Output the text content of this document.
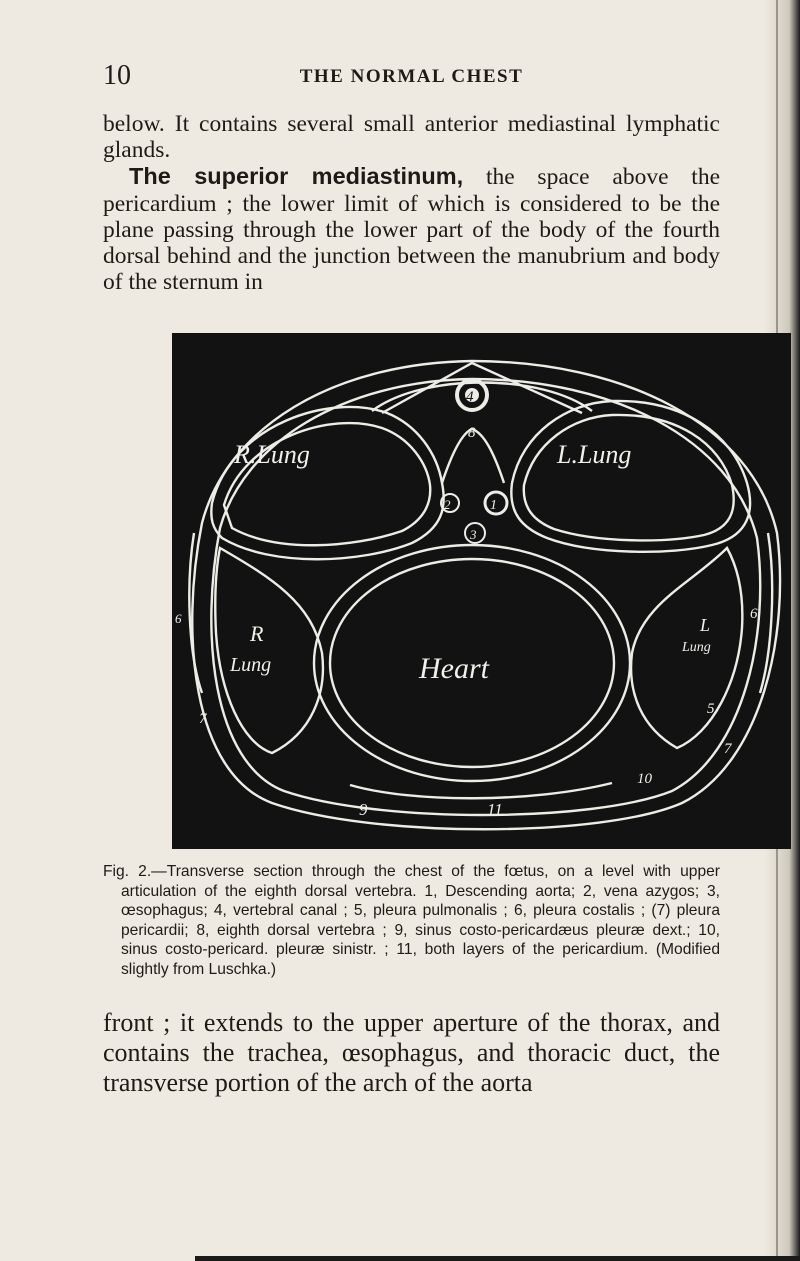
10	THE NORMAL CHEST

below. It contains several small anterior mediastinal lymphatic glands.

The superior mediastinum, the space above the pericardium ; the lower limit of which is considered to be the plane passing through the lower part of the body of the fourth dorsal behind and the junction between the manubrium and body of the sternum in

R.Lung	L.Lung
Heart
R
Lung
L
Lung
1
2
3
4
5
6
7
7
8
9
10
11
6

Fig. 2.—Transverse section through the chest of the fœtus, on a level with upper articulation of the eighth dorsal vertebra. 1, Descending aorta; 2, vena azygos; 3, œsophagus; 4, vertebral canal ; 5, pleura pulmonalis ; 6, pleura costalis ; (7) pleura pericardii; 8, eighth dorsal vertebra ; 9, sinus costo-pericardæus pleuræ dext.; 10, sinus costo-pericard. pleuræ sinistr. ; 11, both layers of the pericardium. (Modified slightly from Luschka.)

front ; it extends to the upper aperture of the thorax, and contains the trachea, œsophagus, and thoracic duct, the transverse portion of the arch of the aorta
